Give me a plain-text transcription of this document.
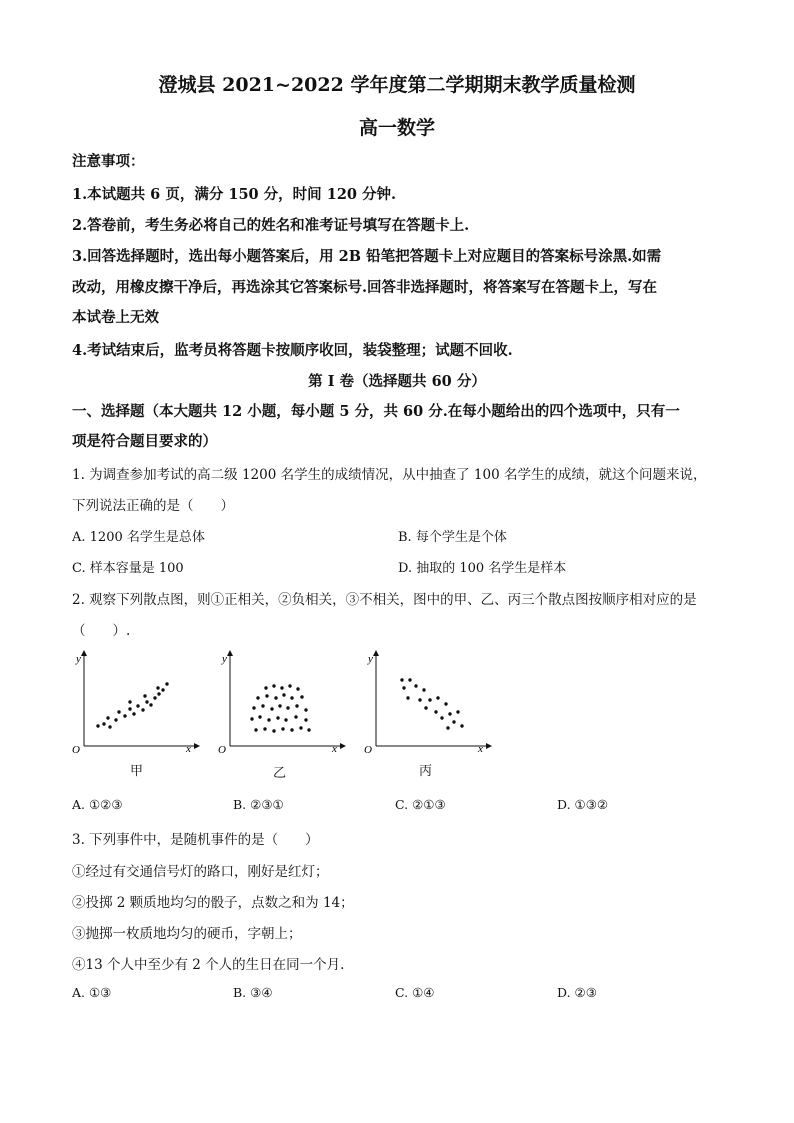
澄城县 2021~2022 学年度第二学期期末教学质量检测
高一数学
注意事项：
1.本试题共 6 页，满分 150 分，时间 120 分钟.
2.答卷前，考生务必将自己的姓名和准考证号填写在答题卡上.
3.回答选择题时，选出每小题答案后，用 2B 铅笔把答题卡上对应题目的答案标号涂黑.如需
改动，用橡皮擦干净后，再选涂其它答案标号.回答非选择题时，将答案写在答题卡上，写在
本试卷上无效
4.考试结束后，监考员将答题卡按顺序收回，装袋整理；试题不回收.
第 I 卷（选择题共 60 分）
一、选择题（本大题共 12 小题，每小题 5 分，共 60 分.在每小题给出的四个选项中，只有一
项是符合题目要求的）
1. 为调查参加考试的高二级 1200 名学生的成绩情况，从中抽查了 100 名学生的成绩，就这个问题来说，
下列说法正确的是（　　）
A. 1200 名学生是总体	B. 每个学生是个体
C. 样本容量是 100	D. 抽取的 100 名学生是样本
2. 观察下列散点图，则①正相关，②负相关，③不相关，图中的甲、乙、丙三个散点图按顺序相对应的是
（　　）.
y
O	x
甲
y
O	x
乙
y
O	x
丙
A. ①②③	B. ②③①	C. ②①③	D. ①③②
3. 下列事件中，是随机事件的是（　　）
①经过有交通信号灯的路口，刚好是红灯；
②投掷 2 颗质地均匀的骰子，点数之和为 14；
③抛掷一枚质地均匀的硬币，字朝上；
④13 个人中至少有 2 个人的生日在同一个月.
A. ①③	B. ③④	C. ①④	D. ②③
